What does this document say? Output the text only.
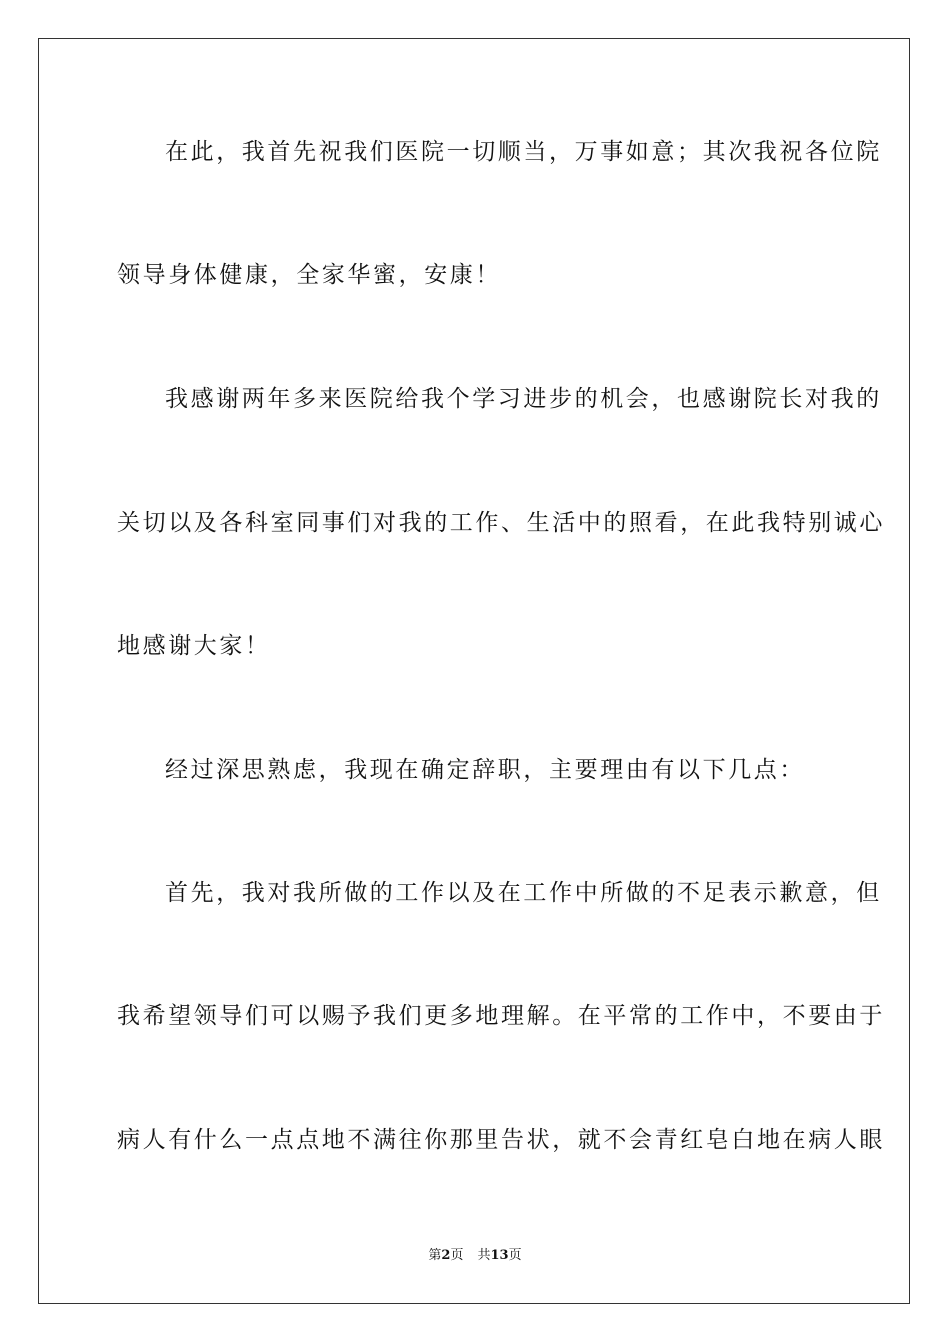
在此，我首先祝我们医院一切顺当，万事如意；其次我祝各位院
领导身体健康，全家华蜜，安康！
我感谢两年多来医院给我个学习进步的机会，也感谢院长对我的
关切以及各科室同事们对我的工作、生活中的照看，在此我特别诚心
地感谢大家！
经过深思熟虑，我现在确定辞职，主要理由有以下几点：
首先，我对我所做的工作以及在工作中所做的不足表示歉意，但
我希望领导们可以赐予我们更多地理解。在平常的工作中，不要由于
病人有什么一点点地不满往你那里告状，就不会青红皂白地在病人眼
第2页 共13页
